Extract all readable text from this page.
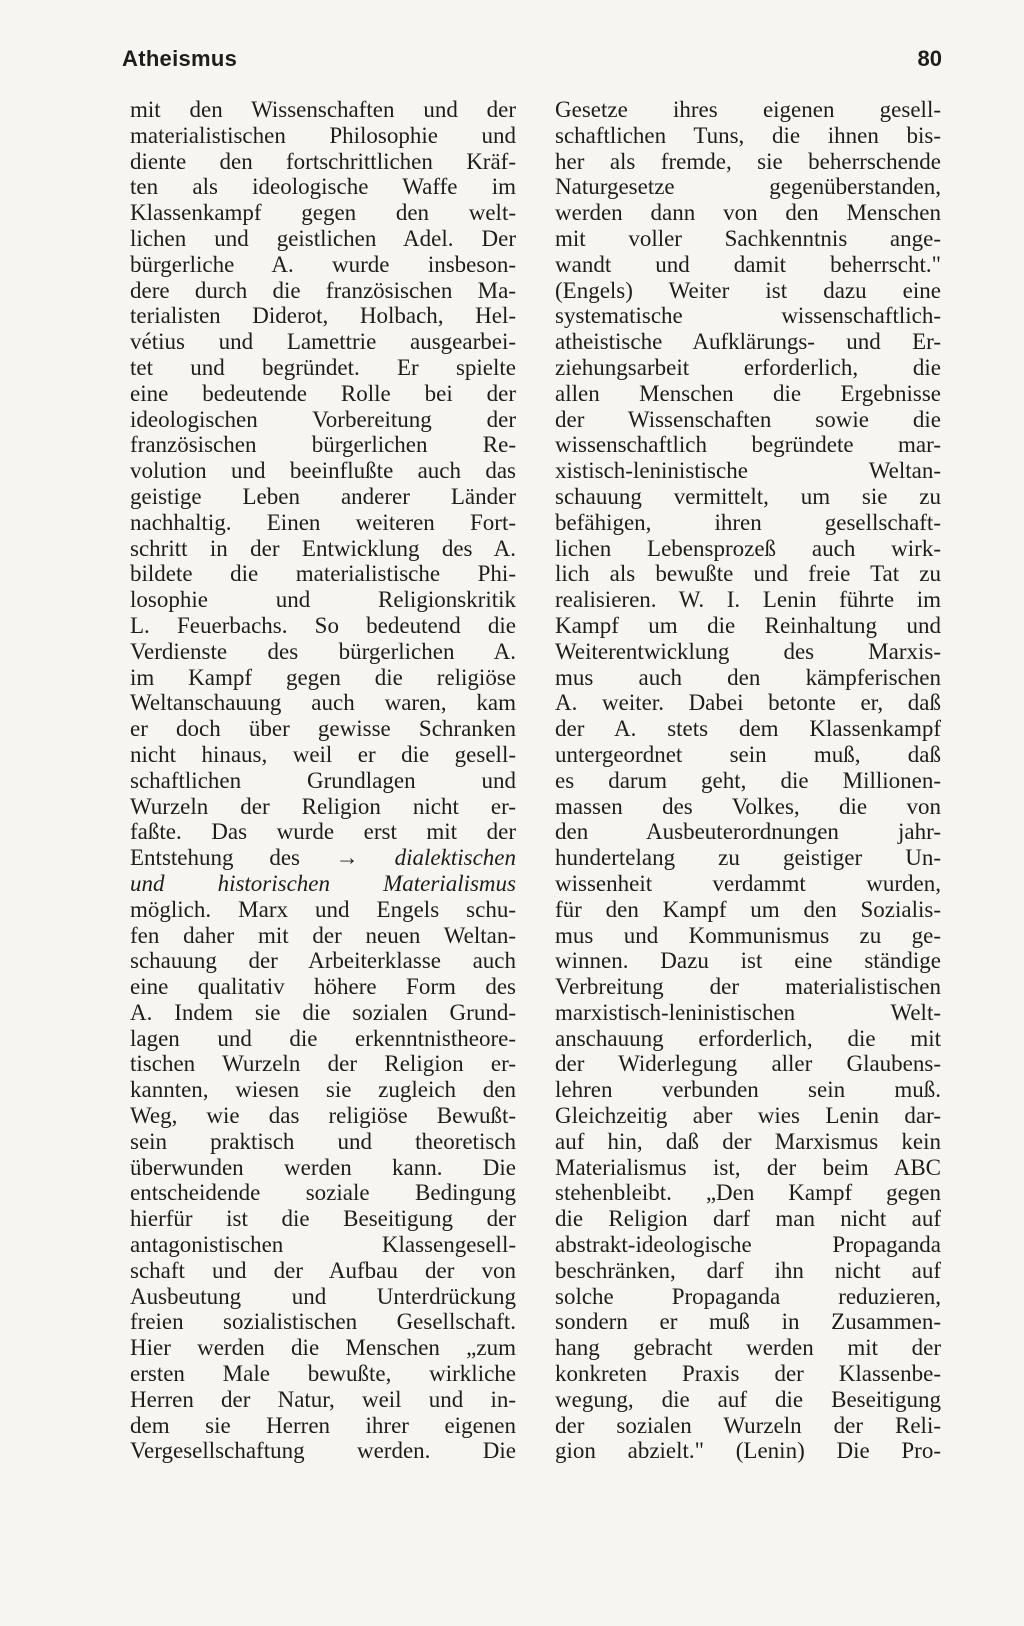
Atheismus	80
mit den Wissenschaften und der
materialistischen Philosophie und
diente den fortschrittlichen Kräf-
ten als ideologische Waffe im
Klassenkampf gegen den welt-
lichen und geistlichen Adel. Der
bürgerliche A. wurde insbeson-
dere durch die französischen Ma-
terialisten Diderot, Holbach, Hel-
vétius und Lamettrie ausgearbei-
tet und begründet. Er spielte
eine bedeutende Rolle bei der
ideologischen Vorbereitung der
französischen bürgerlichen Re-
volution und beeinflußte auch das
geistige Leben anderer Länder
nachhaltig. Einen weiteren Fort-
schritt in der Entwicklung des A.
bildete die materialistische Phi-
losophie und Religionskritik
L. Feuerbachs. So bedeutend die
Verdienste des bürgerlichen A.
im Kampf gegen die religiöse
Weltanschauung auch waren, kam
er doch über gewisse Schranken
nicht hinaus, weil er die gesell-
schaftlichen Grundlagen und
Wurzeln der Religion nicht er-
faßte. Das wurde erst mit der
Entstehung des → dialektischen
und historischen Materialismus
möglich. Marx und Engels schu-
fen daher mit der neuen Weltan-
schauung der Arbeiterklasse auch
eine qualitativ höhere Form des
A. Indem sie die sozialen Grund-
lagen und die erkenntnistheore-
tischen Wurzeln der Religion er-
kannten, wiesen sie zugleich den
Weg, wie das religiöse Bewußt-
sein praktisch und theoretisch
überwunden werden kann. Die
entscheidende soziale Bedingung
hierfür ist die Beseitigung der
antagonistischen Klassengesell-
schaft und der Aufbau der von
Ausbeutung und Unterdrückung
freien sozialistischen Gesellschaft.
Hier werden die Menschen „zum
ersten Male bewußte, wirkliche
Herren der Natur, weil und in-
dem sie Herren ihrer eigenen
Vergesellschaftung werden. Die
Gesetze ihres eigenen gesell-
schaftlichen Tuns, die ihnen bis-
her als fremde, sie beherrschende
Naturgesetze gegenüberstanden,
werden dann von den Menschen
mit voller Sachkenntnis ange-
wandt und damit beherrscht."
(Engels) Weiter ist dazu eine
systematische wissenschaftlich-
atheistische Aufklärungs- und Er-
ziehungsarbeit erforderlich, die
allen Menschen die Ergebnisse
der Wissenschaften sowie die
wissenschaftlich begründete mar-
xistisch-leninistische Weltan-
schauung vermittelt, um sie zu
befähigen, ihren gesellschaft-
lichen Lebensprozeß auch wirk-
lich als bewußte und freie Tat zu
realisieren. W. I. Lenin führte im
Kampf um die Reinhaltung und
Weiterentwicklung des Marxis-
mus auch den kämpferischen
A. weiter. Dabei betonte er, daß
der A. stets dem Klassenkampf
untergeordnet sein muß, daß
es darum geht, die Millionen-
massen des Volkes, die von
den Ausbeuterordnungen jahr-
hundertelang zu geistiger Un-
wissenheit verdammt wurden,
für den Kampf um den Sozialis-
mus und Kommunismus zu ge-
winnen. Dazu ist eine ständige
Verbreitung der materialistischen
marxistisch-leninistischen Welt-
anschauung erforderlich, die mit
der Widerlegung aller Glaubens-
lehren verbunden sein muß.
Gleichzeitig aber wies Lenin dar-
auf hin, daß der Marxismus kein
Materialismus ist, der beim ABC
stehenbleibt. „Den Kampf gegen
die Religion darf man nicht auf
abstrakt-ideologische Propaganda
beschränken, darf ihn nicht auf
solche Propaganda reduzieren,
sondern er muß in Zusammen-
hang gebracht werden mit der
konkreten Praxis der Klassenbe-
wegung, die auf die Beseitigung
der sozialen Wurzeln der Reli-
gion abzielt." (Lenin) Die Pro-
